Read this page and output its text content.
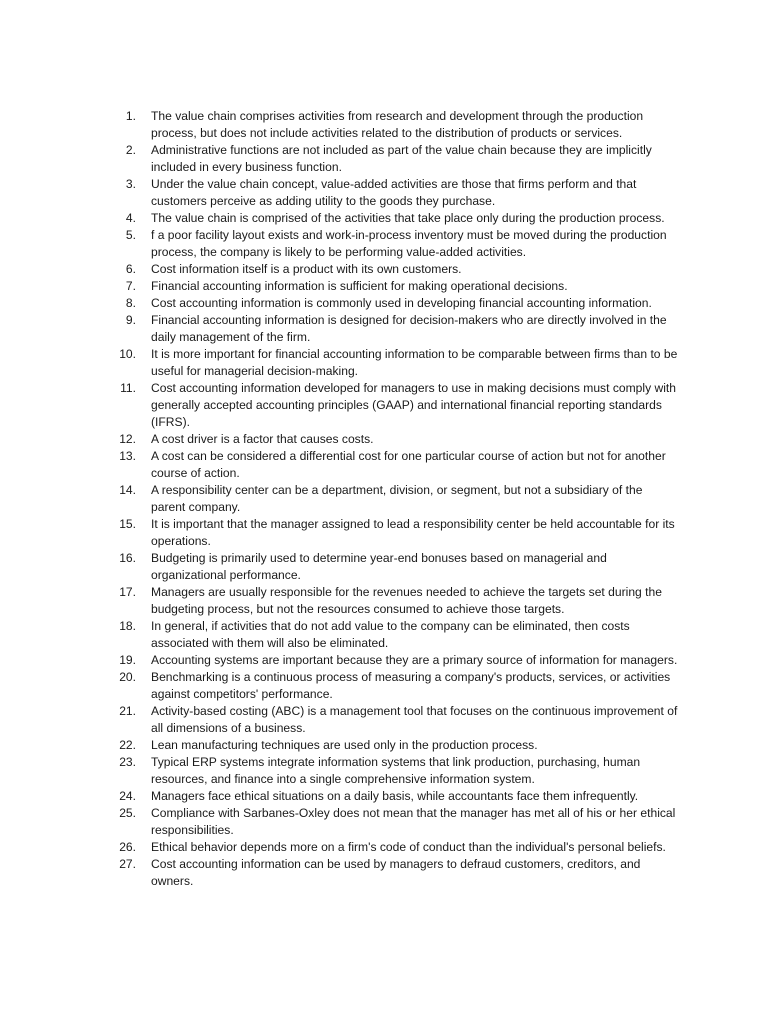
1. The value chain comprises activities from research and development through the production process, but does not include activities related to the distribution of products or services.
2. Administrative functions are not included as part of the value chain because they are implicitly included in every business function.
3. Under the value chain concept, value-added activities are those that firms perform and that customers perceive as adding utility to the goods they purchase.
4. The value chain is comprised of the activities that take place only during the production process.
5. f a poor facility layout exists and work-in-process inventory must be moved during the production process, the company is likely to be performing value-added activities.
6. Cost information itself is a product with its own customers.
7. Financial accounting information is sufficient for making operational decisions.
8. Cost accounting information is commonly used in developing financial accounting information.
9. Financial accounting information is designed for decision-makers who are directly involved in the daily management of the firm.
10. It is more important for financial accounting information to be comparable between firms than to be useful for managerial decision-making.
11. Cost accounting information developed for managers to use in making decisions must comply with generally accepted accounting principles (GAAP) and international financial reporting standards (IFRS).
12. A cost driver is a factor that causes costs.
13. A cost can be considered a differential cost for one particular course of action but not for another course of action.
14. A responsibility center can be a department, division, or segment, but not a subsidiary of the parent company.
15. It is important that the manager assigned to lead a responsibility center be held accountable for its operations.
16. Budgeting is primarily used to determine year-end bonuses based on managerial and organizational performance.
17. Managers are usually responsible for the revenues needed to achieve the targets set during the budgeting process, but not the resources consumed to achieve those targets.
18. In general, if activities that do not add value to the company can be eliminated, then costs associated with them will also be eliminated.
19. Accounting systems are important because they are a primary source of information for managers.
20. Benchmarking is a continuous process of measuring a company's products, services, or activities against competitors' performance.
21. Activity-based costing (ABC) is a management tool that focuses on the continuous improvement of all dimensions of a business.
22. Lean manufacturing techniques are used only in the production process.
23. Typical ERP systems integrate information systems that link production, purchasing, human resources, and finance into a single comprehensive information system.
24. Managers face ethical situations on a daily basis, while accountants face them infrequently.
25. Compliance with Sarbanes-Oxley does not mean that the manager has met all of his or her ethical responsibilities.
26. Ethical behavior depends more on a firm's code of conduct than the individual's personal beliefs.
27. Cost accounting information can be used by managers to defraud customers, creditors, and owners.
